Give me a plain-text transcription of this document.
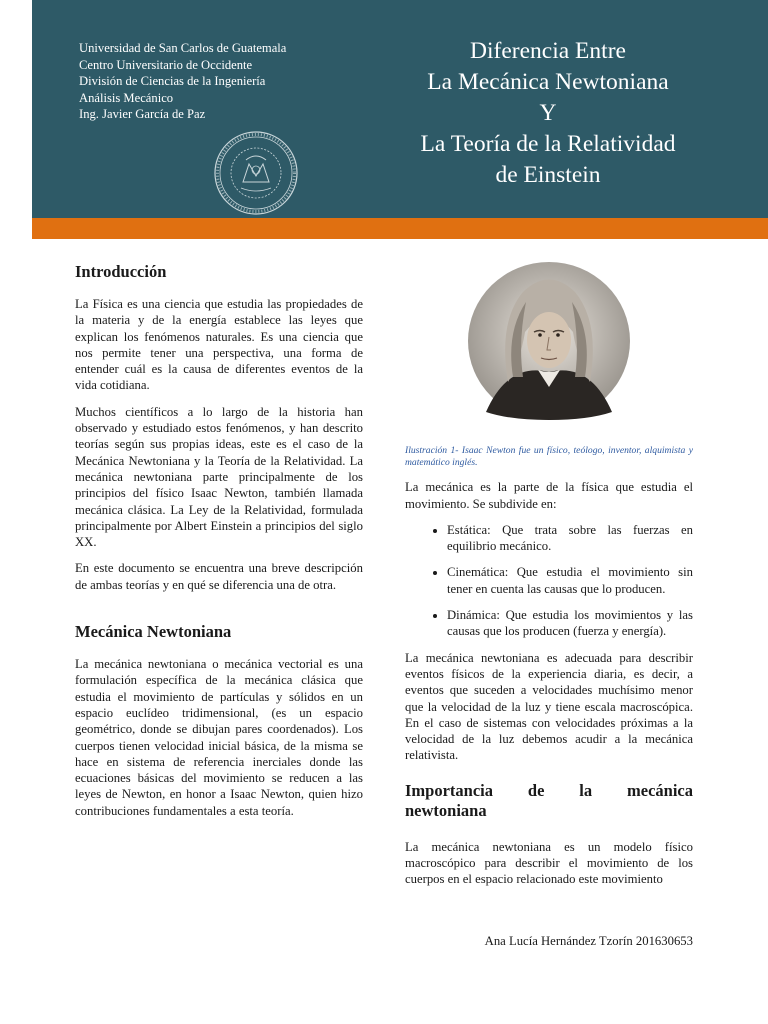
Universidad de San Carlos de Guatemala
Centro Universitario de Occidente
División de Ciencias de la Ingeniería
Análisis Mecánico
Ing. Javier García de Paz
Diferencia Entre
La Mecánica Newtoniana
Y
La Teoría de la Relatividad
de Einstein
Introducción

La Física es una ciencia que estudia las propiedades de la materia y de la energía establece las leyes que explican los fenómenos naturales. Es una ciencia que nos permite tener una perspectiva, una forma de entender cuál es la causa de diferentes eventos de la vida cotidiana.

Muchos científicos a lo largo de la historia han observado y estudiado estos fenómenos, y han descrito teorías según sus propias ideas, este es el caso de la Mecánica Newtoniana y la Teoría de la Relatividad. La mecánica newtoniana parte principalmente de los principios del físico Isaac Newton, también llamada mecánica clásica. La Ley de la Relatividad, formulada principalmente por Albert Einstein a principios del siglo XX.

En este documento se encuentra una breve descripción de ambas teorías y en qué se diferencia una de otra.

Mecánica Newtoniana

La mecánica newtoniana o mecánica vectorial es una formulación específica de la mecánica clásica que estudia el movimiento de partículas y sólidos en un espacio euclídeo tridimensional, (es un espacio geométrico, donde se dibujan pares coordenados). Los cuerpos tienen velocidad inicial básica, de la misma se hace en sistema de referencia inerciales donde las ecuaciones básicas del movimiento se reducen a las leyes de Newton, en honor a Isaac Newton, quien hizo contribuciones fundamentales a esta teoría.

Ilustración 1- Isaac Newton fue un físico, teólogo, inventor, alquimista y matemático inglés.

La mecánica es la parte de la física que estudia el movimiento. Se subdivide en:

• Estática: Que trata sobre las fuerzas en equilibrio mecánico.
• Cinemática: Que estudia el movimiento sin tener en cuenta las causas que lo producen.
• Dinámica: Que estudia los movimientos y las causas que los producen (fuerza y energía).

La mecánica newtoniana es adecuada para describir eventos físicos de la experiencia diaria, es decir, a eventos que suceden a velocidades muchísimo menor que la velocidad de la luz y tiene escala macroscópica. En el caso de sistemas con velocidades próximas a la velocidad de la luz debemos acudir a la mecánica relativista.

Importancia de la mecánica
newtoniana

La mecánica newtoniana es un modelo físico macroscópico para describir el movimiento de los cuerpos en el espacio relacionado este movimiento

Ana Lucía Hernández Tzorín 201630653
